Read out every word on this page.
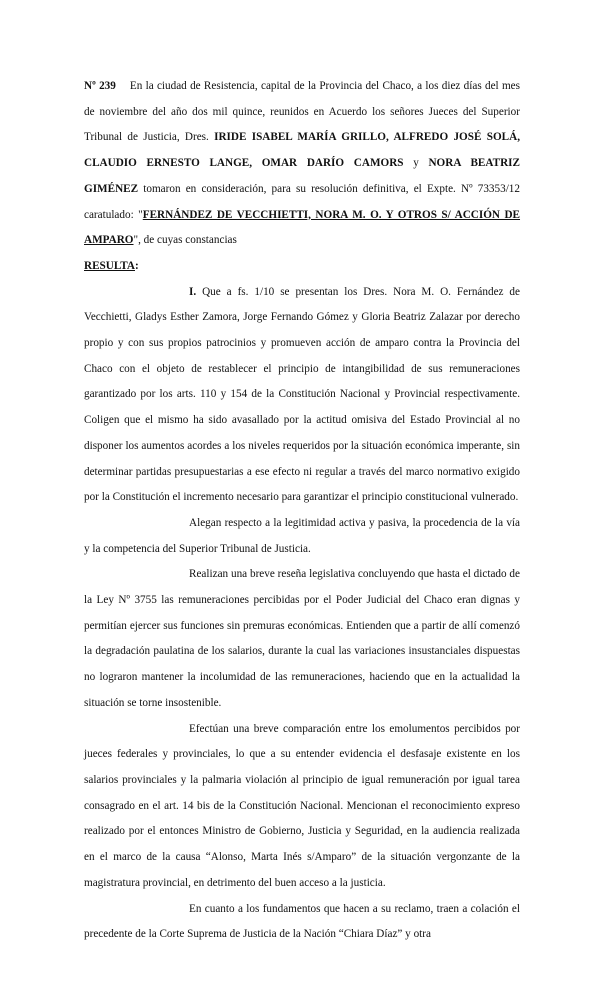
Nº 239 En la ciudad de Resistencia, capital de la Provincia del Chaco, a los diez días del mes de noviembre del año dos mil quince, reunidos en Acuerdo los señores Jueces del Superior Tribunal de Justicia, Dres. IRIDE ISABEL MARÍA GRILLO, ALFREDO JOSÉ SOLÁ, CLAUDIO ERNESTO LANGE, OMAR DARÍO CAMORS y NORA BEATRIZ GIMÉNEZ tomaron en consideración, para su resolución definitiva, el Expte. Nº 73353/12 caratulado: "FERNÁNDEZ DE VECCHIETTI, NORA M. O. Y OTROS S/ ACCIÓN DE AMPARO", de cuyas constancias

RESULTA:

I. Que a fs. 1/10 se presentan los Dres. Nora M. O. Fernández de Vecchietti, Gladys Esther Zamora, Jorge Fernando Gómez y Gloria Beatriz Zalazar por derecho propio y con sus propios patrocinios y promueven acción de amparo contra la Provincia del Chaco con el objeto de restablecer el principio de intangibilidad de sus remuneraciones garantizado por los arts. 110 y 154 de la Constitución Nacional y Provincial respectivamente. Coligen que el mismo ha sido avasallado por la actitud omisiva del Estado Provincial al no disponer los aumentos acordes a los niveles requeridos por la situación económica imperante, sin determinar partidas presupuestarias a ese efecto ni regular a través del marco normativo exigido por la Constitución el incremento necesario para garantizar el principio constitucional vulnerado.

Alegan respecto a la legitimidad activa y pasiva, la procedencia de la vía y la competencia del Superior Tribunal de Justicia.

Realizan una breve reseña legislativa concluyendo que hasta el dictado de la Ley Nº 3755 las remuneraciones percibidas por el Poder Judicial del Chaco eran dignas y permitían ejercer sus funciones sin premuras económicas. Entienden que a partir de allí comenzó la degradación paulatina de los salarios, durante la cual las variaciones insustanciales dispuestas no lograron mantener la incolumidad de las remuneraciones, haciendo que en la actualidad la situación se torne insostenible.

Efectúan una breve comparación entre los emolumentos percibidos por jueces federales y provinciales, lo que a su entender evidencia el desfasaje existente en los salarios provinciales y la palmaria violación al principio de igual remuneración por igual tarea consagrado en el art. 14 bis de la Constitución Nacional. Mencionan el reconocimiento expreso realizado por el entonces Ministro de Gobierno, Justicia y Seguridad, en la audiencia realizada en el marco de la causa “Alonso, Marta Inés s/Amparo” de la situación vergonzante de la magistratura provincial, en detrimento del buen acceso a la justicia.

En cuanto a los fundamentos que hacen a su reclamo, traen a colación el precedente de la Corte Suprema de Justicia de la Nación “Chiara Díaz” y otra
